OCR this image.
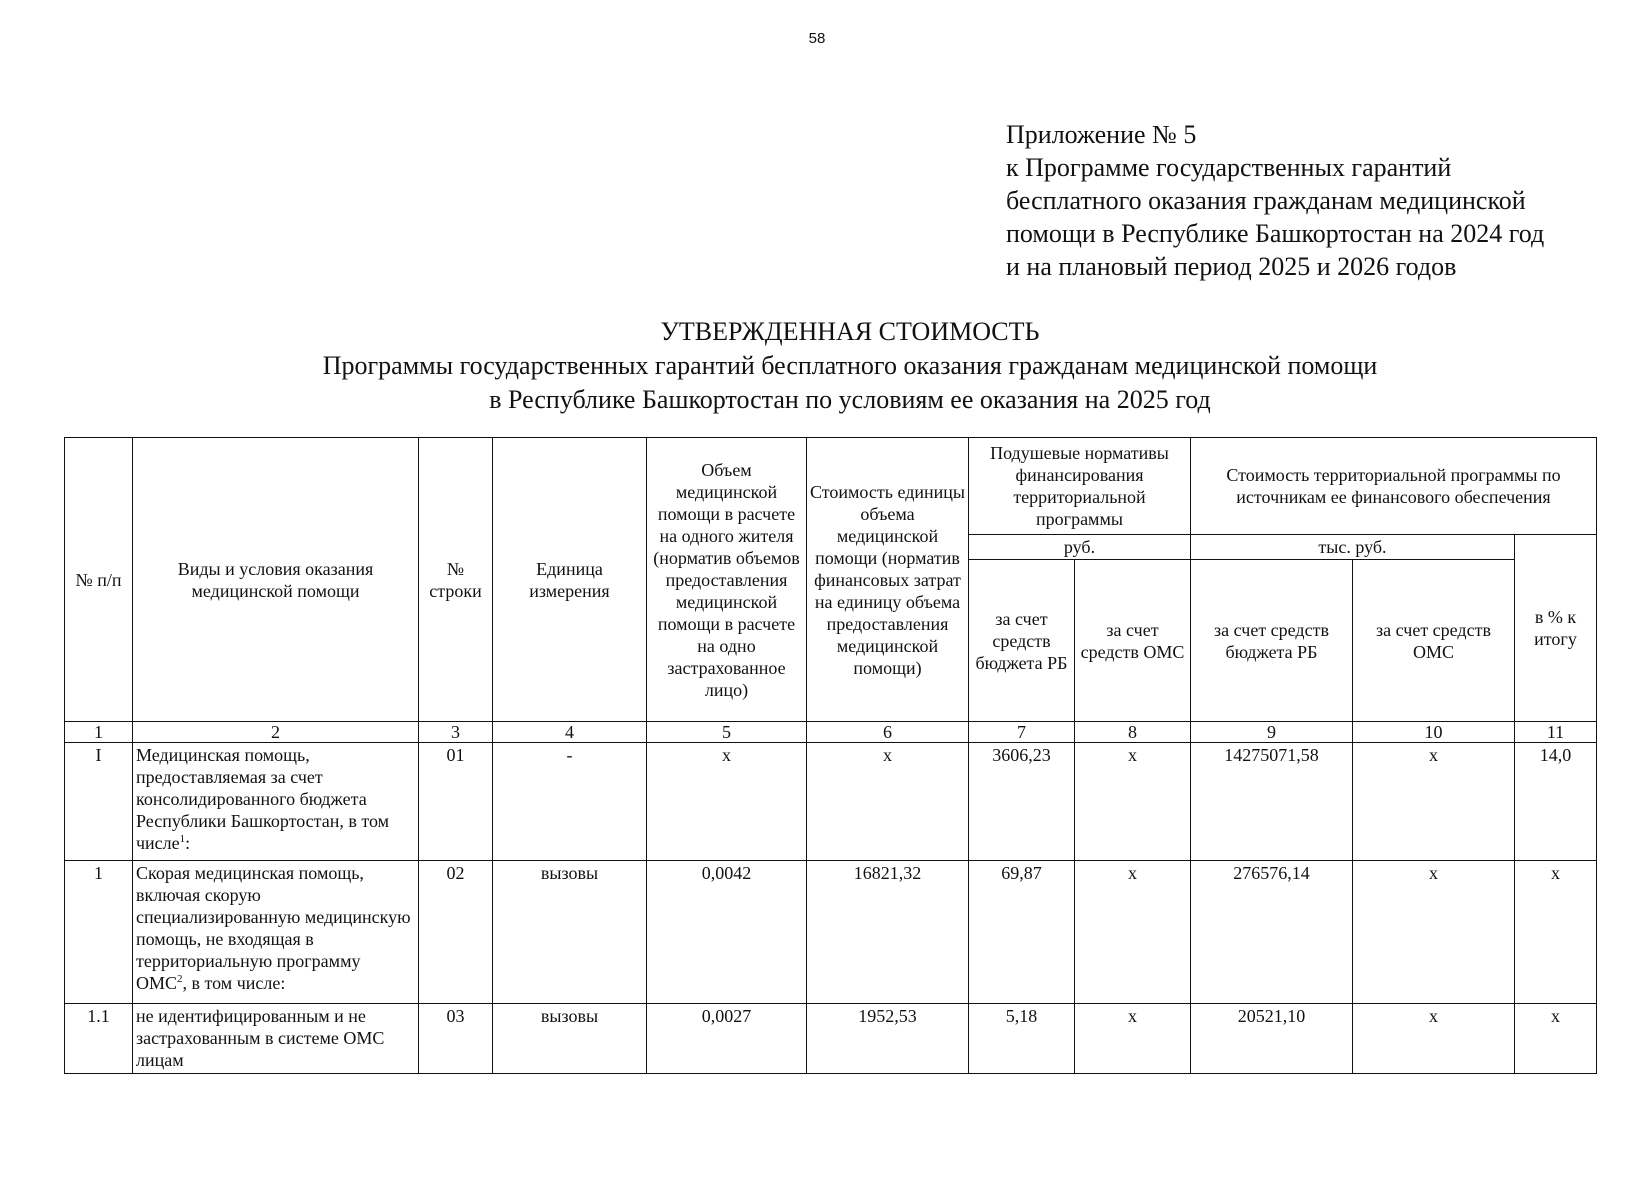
58
Приложение № 5
к Программе государственных гарантий
бесплатного оказания гражданам медицинской
помощи в Республике Башкортостан на 2024 год
и на плановый период 2025 и 2026 годов
УТВЕРЖДЕННАЯ СТОИМОСТЬ
Программы государственных гарантий бесплатного оказания гражданам медицинской помощи
в Республике Башкортостан по условиям ее оказания на 2025 год
№ п/п	Виды и условия оказания медицинской помощи	№ строки	Единица измерения	Объем медицинской помощи в расчете на одного жителя (норматив объемов предоставления медицинской помощи в расчете на одно застрахованное лицо)	Стоимость единицы объема медицинской помощи (норматив финансовых затрат на единицу объема предоставления медицинской помощи)	Подушевые нормативы финансирования территориальной программы		Стоимость территориальной программы по источникам ее финансового обеспечения		
						руб.		тыс. руб.		в % к итогу
						за счет средств бюджета РБ	за счет средств ОМС	за счет средств бюджета РБ	за счет средств ОМС	
1	2	3	4	5	6	7	8	9	10	11
I	Медицинская помощь, предоставляемая за счет консолидированного бюджета Республики Башкортостан, в том числе$^1$:	01	-	x	x	3606,23	x	14275071,58	x	14,0
1	Скорая медицинская помощь, включая скорую специализированную медицинскую помощь, не входящая в территориальную программу ОМС$^2$, в том числе:	02	вызовы	0,0042	16821,32	69,87	x	276576,14	x	x
1.1	не идентифицированным и не застрахованным в системе ОМС лицам	03	вызовы	0,0027	1952,53	5,18	x	20521,10	x	x
